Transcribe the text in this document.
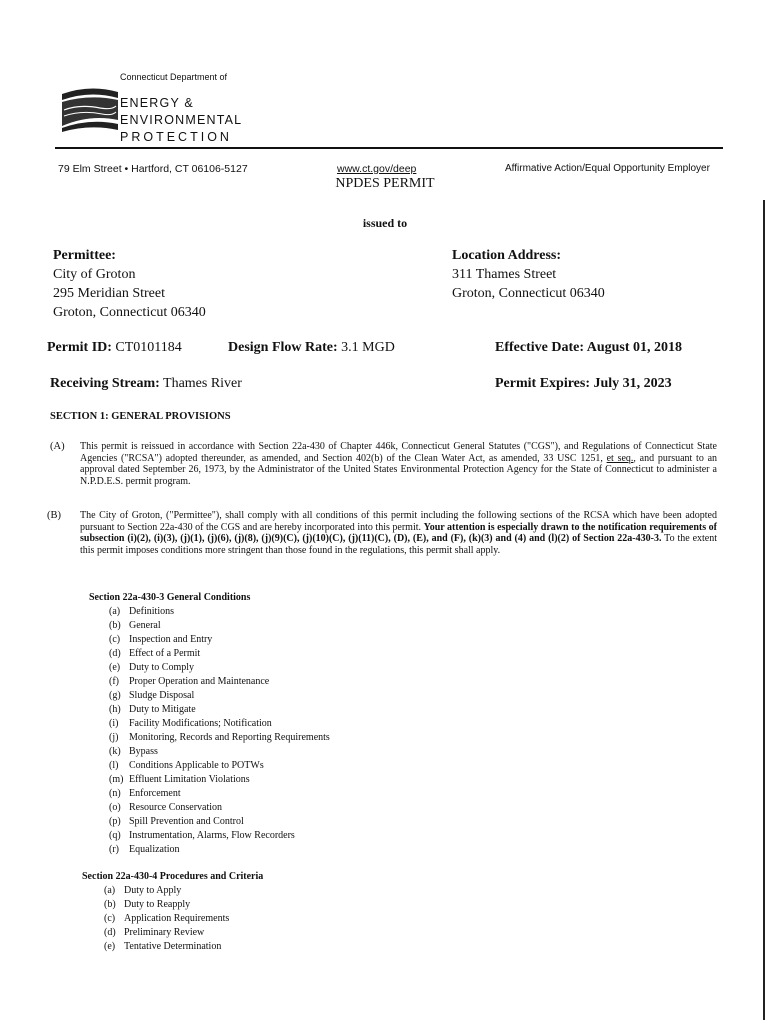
Connecticut Department of
ENERGY &
ENVIRONMENTAL
PROTECTION
79 Elm Street • Hartford, CT 06106-5127	www.ct.gov/deep	Affirmative Action/Equal Opportunity Employer
NPDES PERMIT
issued to
Permittee:
City of Groton
295 Meridian Street
Groton, Connecticut 06340
Location Address:
311 Thames Street
Groton, Connecticut 06340
Permit ID: CT0101184	Design Flow Rate: 3.1 MGD	Effective Date: August 01, 2018
Receiving Stream: Thames River	Permit Expires: July 31, 2023
SECTION 1: GENERAL PROVISIONS
(A) This permit is reissued in accordance with Section 22a-430 of Chapter 446k, Connecticut General Statutes ("CGS"), and Regulations of Connecticut State Agencies ("RCSA") adopted thereunder, as amended, and Section 402(b) of the Clean Water Act, as amended, 33 USC 1251, et seq., and pursuant to an approval dated September 26, 1973, by the Administrator of the United States Environmental Protection Agency for the State of Connecticut to administer a N.P.D.E.S. permit program.
(B) The City of Groton, ("Permittee"), shall comply with all conditions of this permit including the following sections of the RCSA which have been adopted pursuant to Section 22a-430 of the CGS and are hereby incorporated into this permit. Your attention is especially drawn to the notification requirements of subsection (i)(2), (i)(3), (j)(1), (j)(6), (j)(8), (j)(9)(C), (j)(10)(C), (j)(11)(C), (D), (E), and (F), (k)(3) and (4) and (l)(2) of Section 22a-430-3. To the extent this permit imposes conditions more stringent than those found in the regulations, this permit shall apply.
Section 22a-430-3 General Conditions
(a) Definitions
(b) General
(c) Inspection and Entry
(d) Effect of a Permit
(e) Duty to Comply
(f) Proper Operation and Maintenance
(g) Sludge Disposal
(h) Duty to Mitigate
(i) Facility Modifications; Notification
(j) Monitoring, Records and Reporting Requirements
(k) Bypass
(l) Conditions Applicable to POTWs
(m) Effluent Limitation Violations
(n) Enforcement
(o) Resource Conservation
(p) Spill Prevention and Control
(q) Instrumentation, Alarms, Flow Recorders
(r) Equalization
Section 22a-430-4 Procedures and Criteria
(a) Duty to Apply
(b) Duty to Reapply
(c) Application Requirements
(d) Preliminary Review
(e) Tentative Determination
